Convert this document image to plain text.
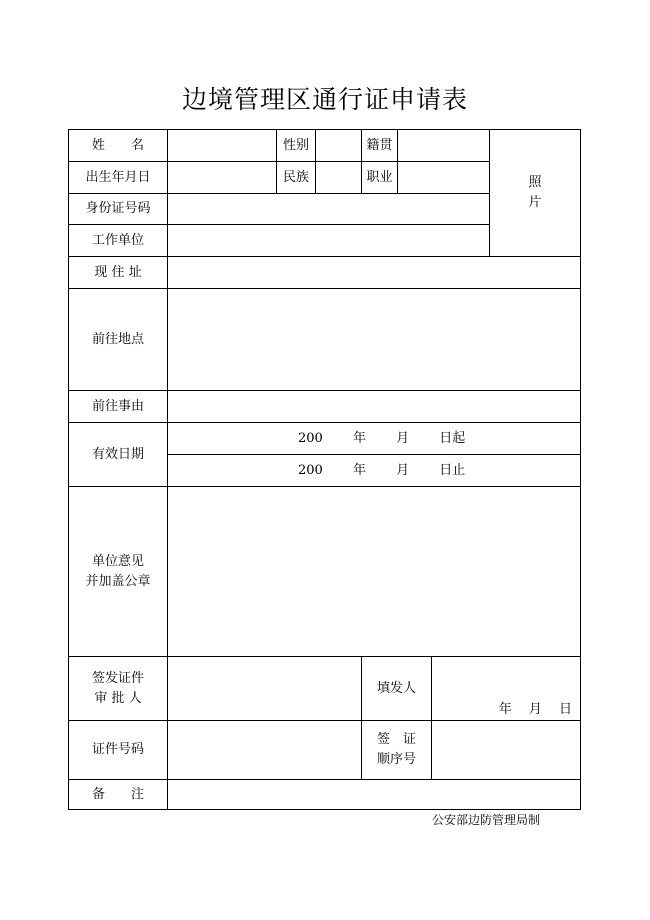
边境管理区通行证申请表
姓　　名		性别		籍贯			照
片

出生年月日		民族		职业			
身份证号码							
工作单位							
现 住 址							
前往地点							
前往事由							
有效日期	200　　 年　　 月　　 日起						

	200　　 年　　 月　　 日止						

单位意见
并加盖公章							

签发证件
审 批 人				填发人		年　 月　 日	

证件号码				签　证
顺序号			

备　　注							
公安部边防管理局制
